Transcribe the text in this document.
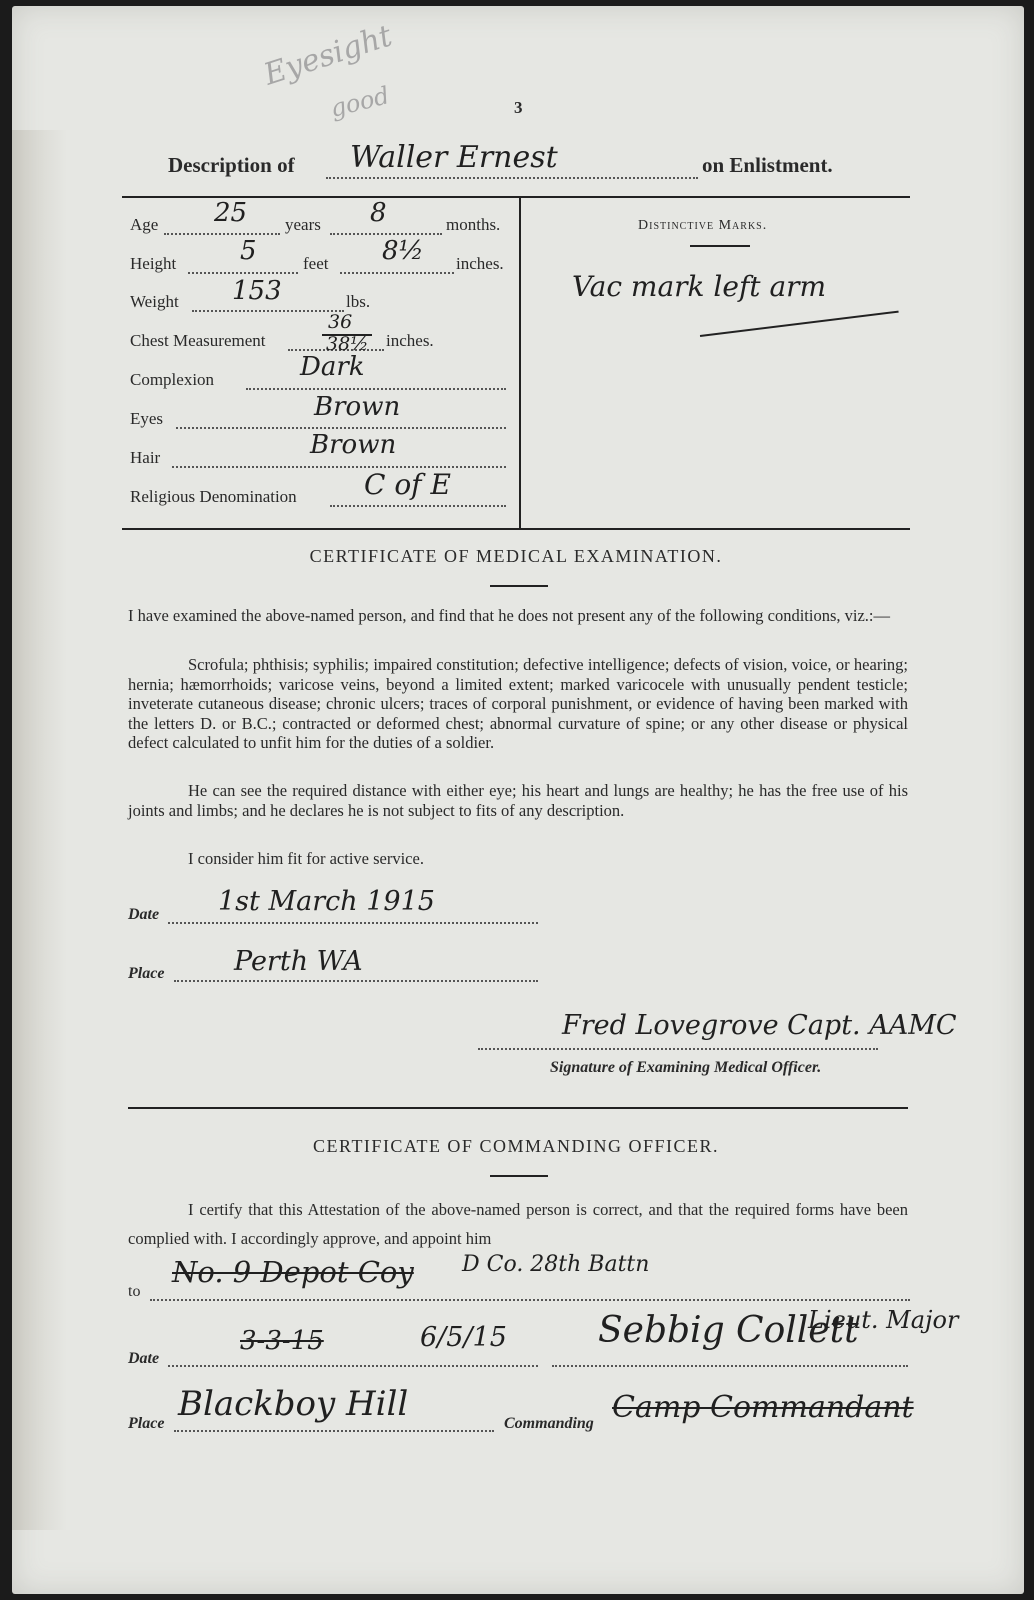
Eyesight
good	3
Description of Waller Ernest	on Enlistment.
Age 25 years 8	months.
Height 5	feet 8½ inches.
Weight 153	lbs.
Chest Measurement
36
38½ inches.
Complexion	Dark
Eyes	Brown
Hair	Brown
Religious Denomination C of E
Distinctive Marks.
Vac mark left arm
CERTIFICATE OF MEDICAL EXAMINATION.
I have examined the above-named person, and find that he does not present any of the following conditions, viz.:—
Scrofula; phthisis; syphilis; impaired constitution; defective intelligence; defects of vision, voice, or hearing; hernia; hæmorrhoids; varicose veins, beyond a limited extent; marked varicocele with unusually pendent testicle; inveterate cutaneous disease; chronic ulcers; traces of corporal punishment, or evidence of having been marked with the letters D. or B.C.; contracted or deformed chest; abnormal curvature of spine; or any other disease or physical defect calculated to unfit him for the duties of a soldier.
He can see the required distance with either eye; his heart and lungs are healthy; he has the free use of his joints and limbs; and he declares he is not subject to fits of any description.
I consider him fit for active service.
Date 1st March 1915
Place	Perth WA
Fred Lovegrove Capt. AAMC
Signature of Examining Medical Officer.
CERTIFICATE OF COMMANDING OFFICER.
I certify that this Attestation of the above-named person is correct, and that the required forms have been complied with. I accordingly approve, and appoint him
to
No. 9 Depot Coy D Co. 28th Battn
Date
3-3-15	6/5/15	Sebbig Collett
Lieut. Major
Place Blackboy Hill	Commanding Camp Commandant
